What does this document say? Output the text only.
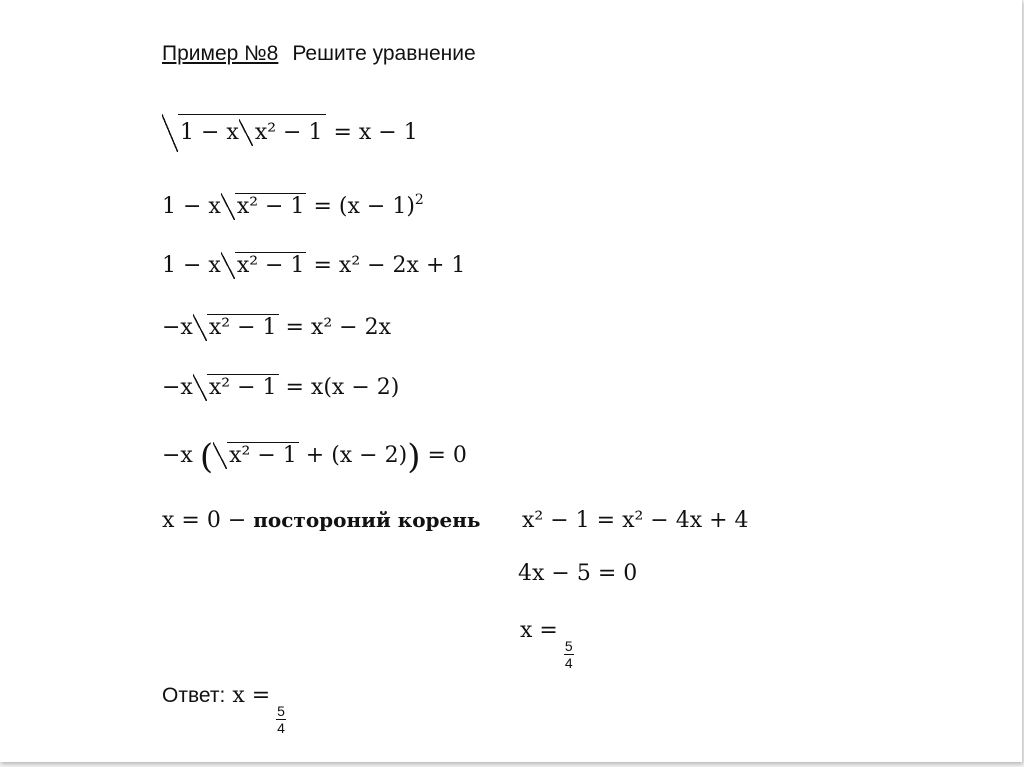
Пример №8 Решите уравнение
1 − x x² − 1 = x − 1
1 − x $x^2 - 1 = (x - 1)^2$
1 − x x² − 1 = x² − 2x + 1
−x x² − 1 = x² − 2x
−x x² − 1 = x(x − 2)
−x ( x² − 1 + (x − 2)) = 0
x = 0 − постороний корень x² − 1 = x² − 4x + 4
4x − 5 = 0
x =
$\frac{5}{4}$
Ответ: x =
$\frac{5}{4}$
